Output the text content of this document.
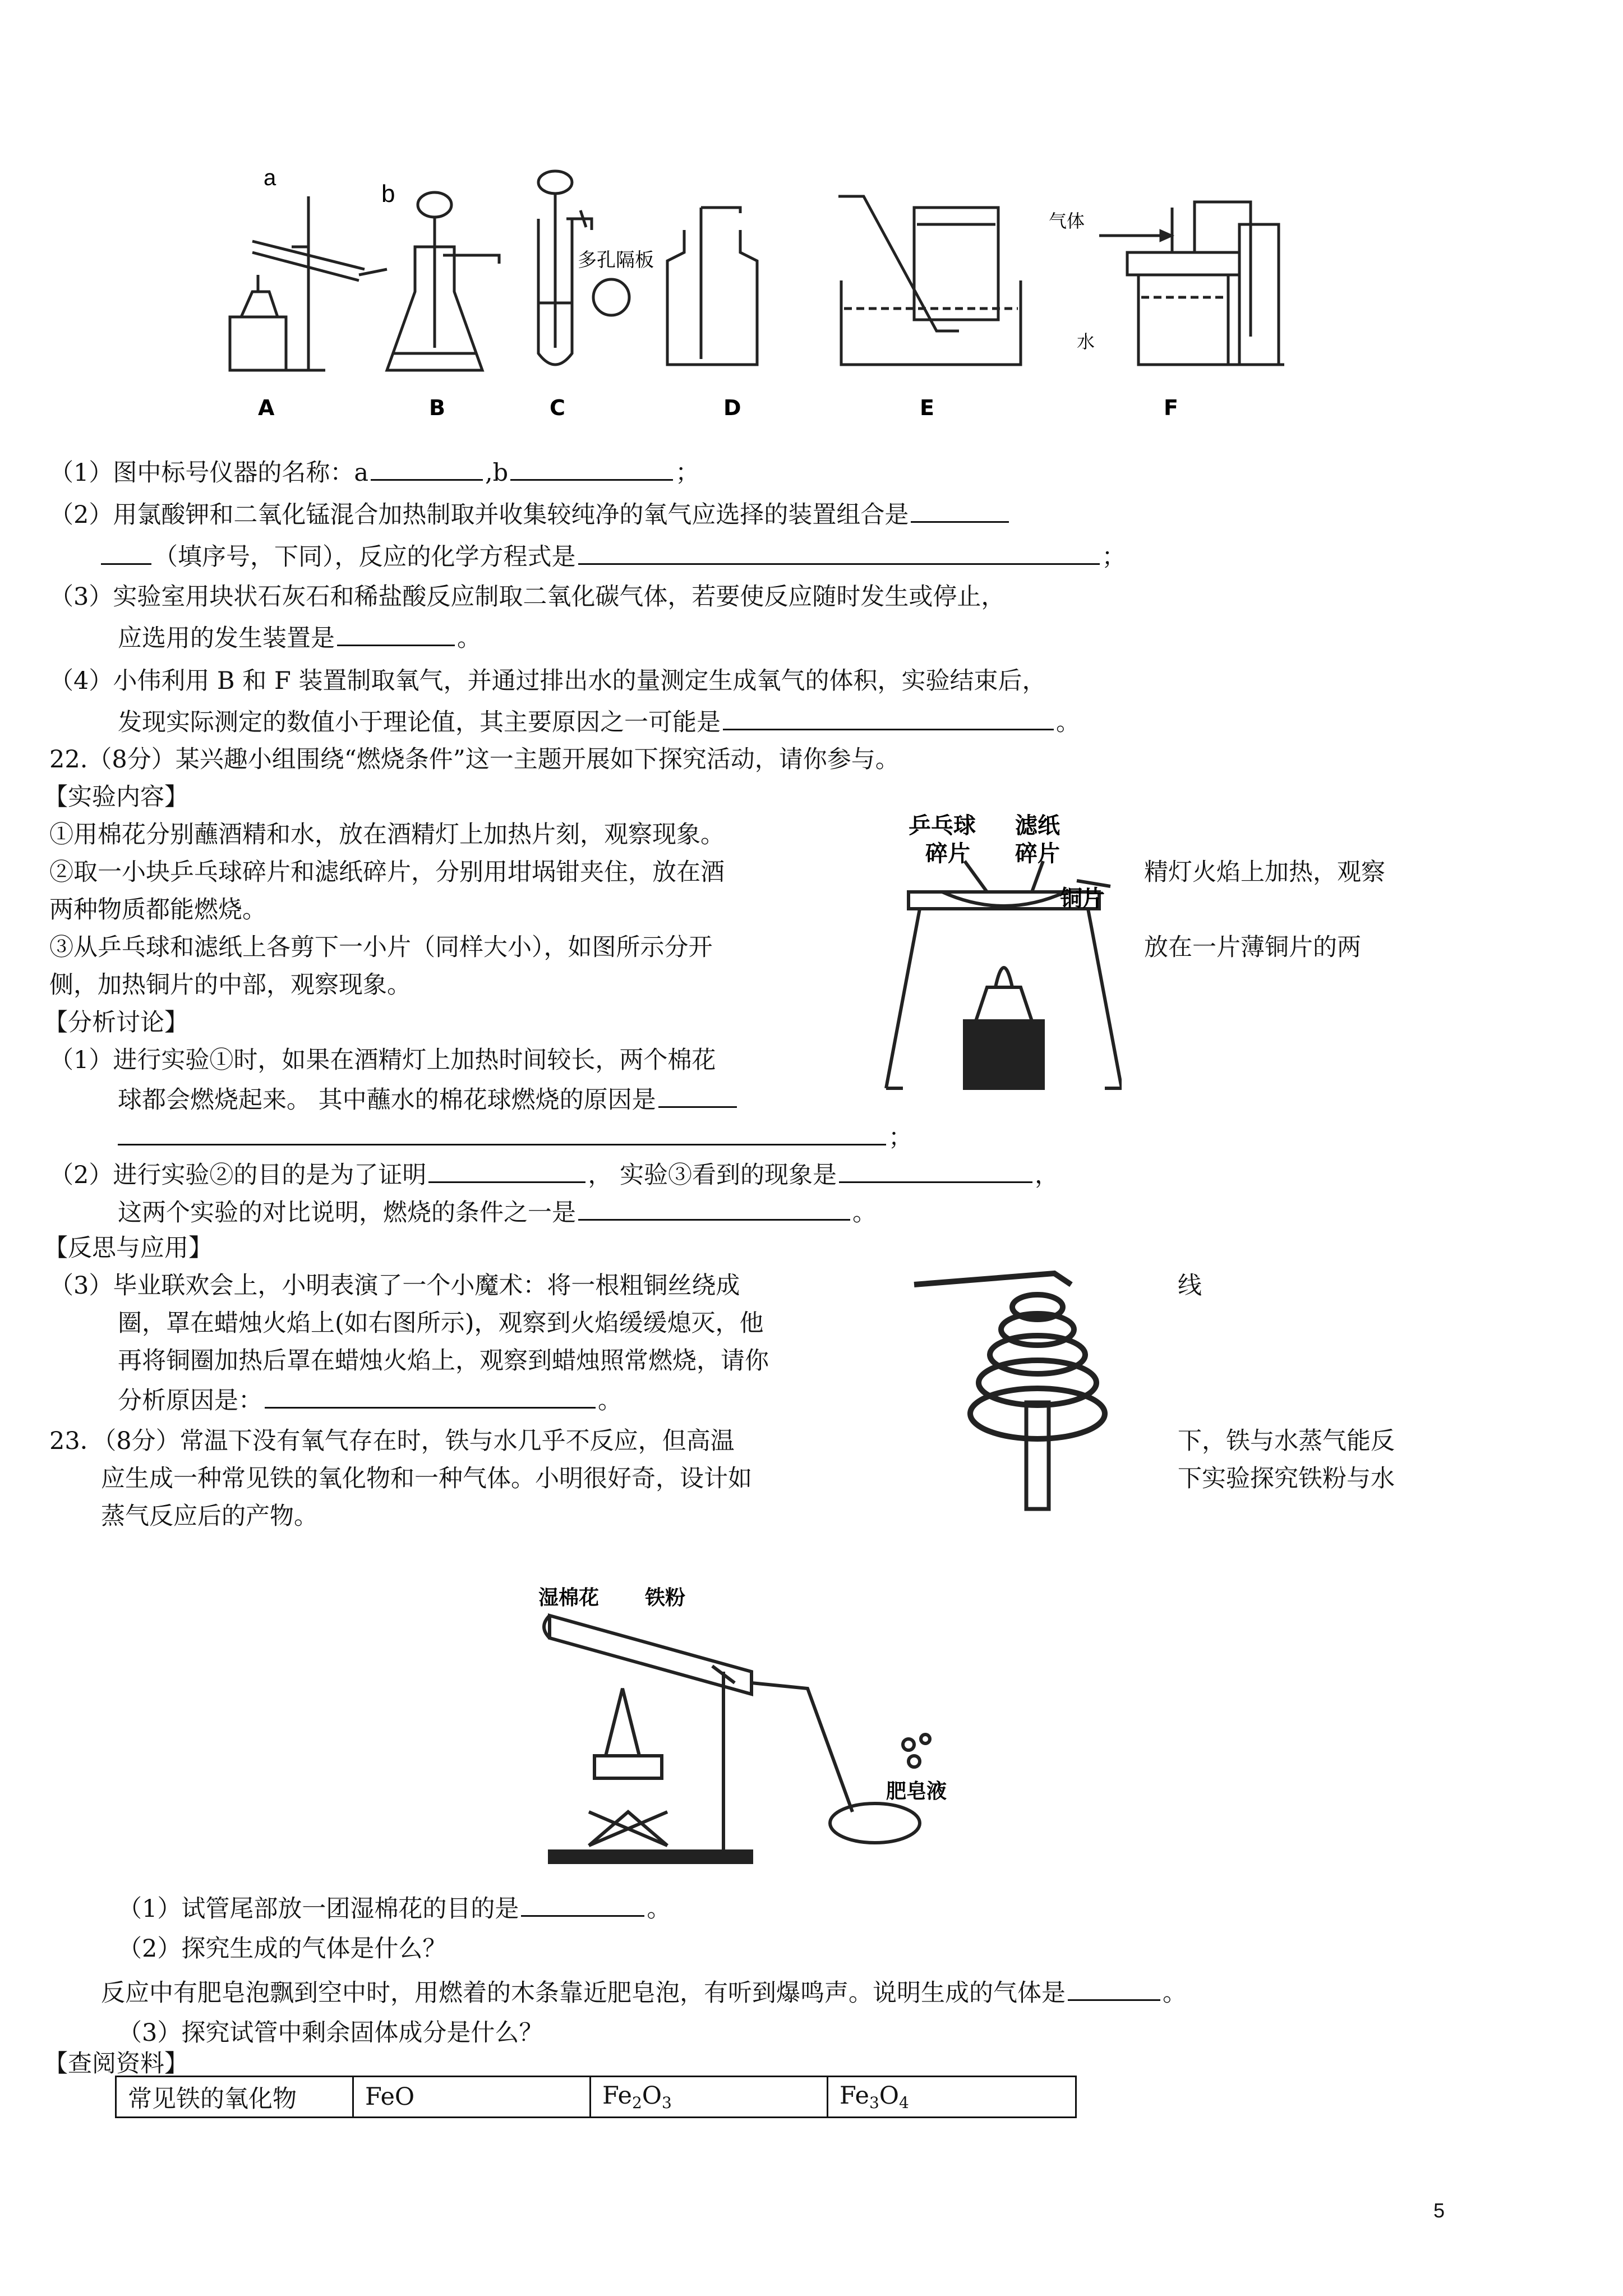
a
b
多孔隔板
气体
水
A	B	C	D	E	F
（1）图中标号仪器的名称：a	,b	；
（2）用氯酸钾和二氧化锰混合加热制取并收集较纯净的氧气应选择的装置组合是
（填序号，下同），反应的化学方程式是	；
（3）实验室用块状石灰石和稀盐酸反应制取二氧化碳气体，若要使反应随时发生或停止，
应选用的发生装置是	。
（4）小伟利用 B 和 F 装置制取氧气，并通过排出水的量测定生成氧气的体积，实验结束后，
发现实际测定的数值小于理论值，其主要原因之一可能是	。
22.（8分）某兴趣小组围绕“燃烧条件”这一主题开展如下探究活动，请你参与。
【实验内容】
①用棉花分别蘸酒精和水，放在酒精灯上加热片刻，观察现象。
②取一小块乒乓球碎片和滤纸碎片，分别用坩埚钳夹住，放在酒	精灯火焰上加热，观察
两种物质都能燃烧。
③从乒乓球和滤纸上各剪下一小片（同样大小），如图所示分开	放在一片薄铜片的两
侧，加热铜片的中部，观察现象。
【分析讨论】
（1）进行实验①时，如果在酒精灯上加热时间较长，两个棉花
球都会燃烧起来。 其中蘸水的棉花球燃烧的原因是
；
（2）进行实验②的目的是为了证明	， 实验③看到的现象是	，
这两个实验的对比说明，燃烧的条件之一是	。
【反思与应用】
（3）毕业联欢会上，小明表演了一个小魔术：将一根粗铜丝绕成	线
圈，罩在蜡烛火焰上(如右图所示)，观察到火焰缓缓熄灭，他
再将铜圈加热后罩在蜡烛火焰上，观察到蜡烛照常燃烧，请你
分析原因是：	。
乒乓球
碎片
滤纸
碎片
铜片
23．（8分）常温下没有氧气存在时，铁与水几乎不反应，但高温	下，铁与水蒸气能反
应生成一种常见铁的氧化物和一种气体。小明很好奇，设计如	下实验探究铁粉与水
蒸气反应后的产物。
湿棉花 铁粉
肥皂液
（1）试管尾部放一团湿棉花的目的是	。
（2）探究生成的气体是什么？
反应中有肥皂泡飘到空中时，用燃着的木条靠近肥皂泡，有听到爆鸣声。说明生成的气体是	。
（3）探究试管中剩余固体成分是什么？
【查阅资料】
常见铁的氧化物	FeO	$Fe_2O_3$	$Fe_3O_4$
5
